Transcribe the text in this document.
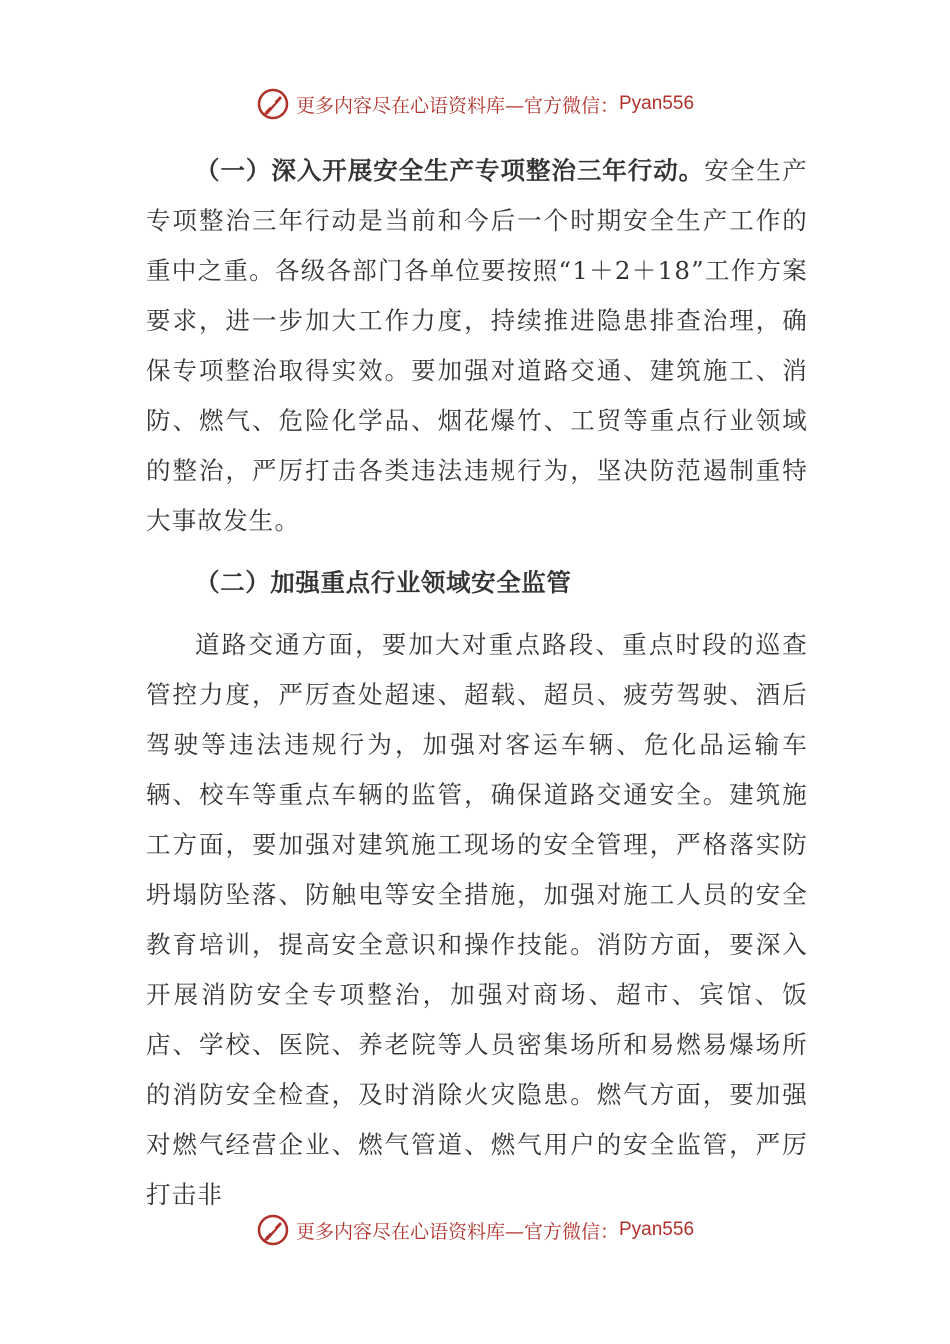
更多内容尽在心语资料库—官方微信： Pyan556

（一）深入开展安全生产专项整治三年行动。安全生产专项整治三年行动是当前和今后一个时期安全生产工作的重中之重。各级各部门各单位要按照“1＋2＋18”工作方案要求，进一步加大工作力度，持续推进隐患排查治理，确保专项整治取得实效。要加强对道路交通、建筑施工、消防、燃气、危险化学品、烟花爆竹、工贸等重点行业领域的整治，严厉打击各类违法违规行为，坚决防范遏制重特大事故发生。

（二）加强重点行业领域安全监管

道路交通方面，要加大对重点路段、重点时段的巡查管控力度，严厉查处超速、超载、超员、疲劳驾驶、酒后驾驶等违法违规行为，加强对客运车辆、危化品运输车辆、校车等重点车辆的监管，确保道路交通安全。建筑施工方面，要加强对建筑施工现场的安全管理，严格落实防坍塌防坠落、防触电等安全措施，加强对施工人员的安全教育培训，提高安全意识和操作技能。消防方面，要深入开展消防安全专项整治，加强对商场、超市、宾馆、饭店、学校、医院、养老院等人员密集场所和易燃易爆场所的消防安全检查，及时消除火灾隐患。燃气方面，要加强对燃气经营企业、燃气管道、燃气用户的安全监管，严厉打击非

更多内容尽在心语资料库—官方微信： Pyan556
